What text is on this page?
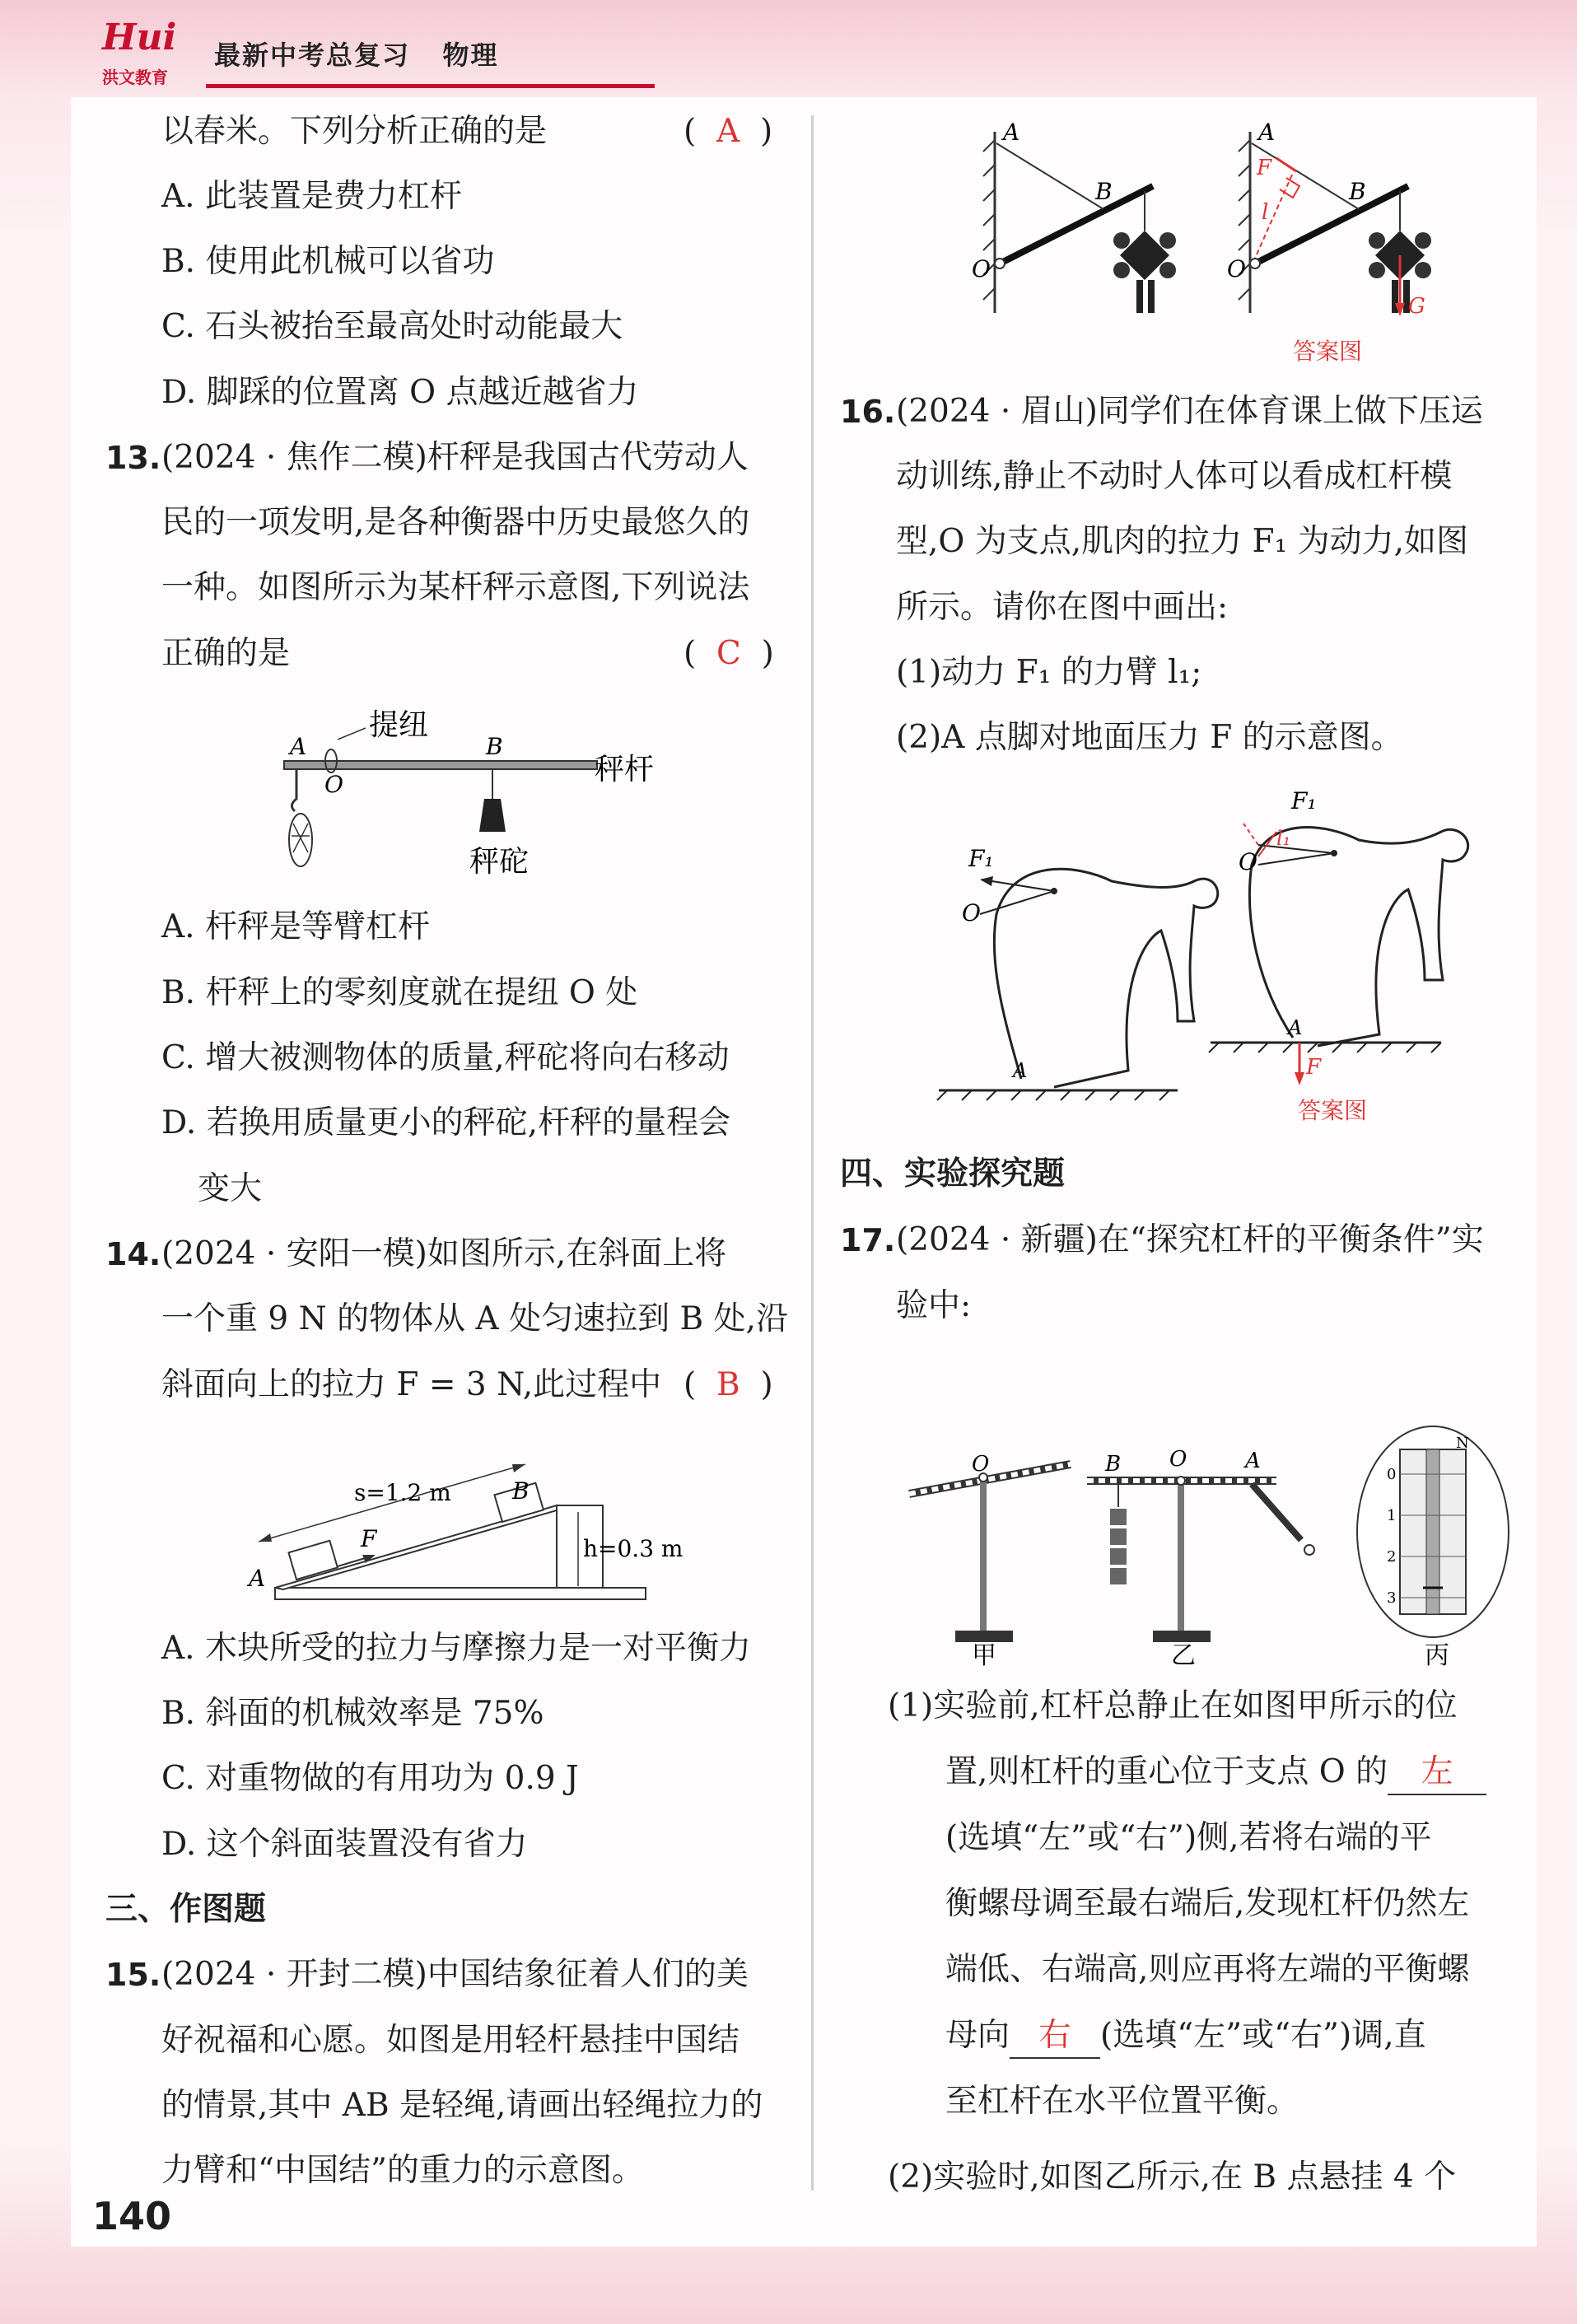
Hui
洪文教育
最新中考总复习 物理
以春米。下列分析正确的是	(  A  )
A. 此装置是费力杠杆
B. 使用此机械可以省功
C. 石头被抬至最高处时动能最大
D. 脚踩的位置离 O 点越近越省力
13. (2024 · 焦作二模)杆秤是我国古代劳动人
民的一项发明,是各种衡器中历史最悠久的
一种。如图所示为某杆秤示意图,下列说法
正确的是	(  C  )
A
O
B
提纽
秤杆
秤砣
A. 杆秤是等臂杠杆
B. 杆秤上的零刻度就在提纽 O 处
C. 增大被测物体的质量,秤砣将向右移动
D. 若换用质量更小的秤砣,杆秤的量程会
变大
14. (2024 · 安阳一模)如图所示,在斜面上将
一个重 9 N 的物体从 A 处匀速拉到 B 处,沿
斜面向上的拉力 F = 3 N,此过程中 (  B  )
s=1.2 m
h=0.3 m
A
B
F
A. 木块所受的拉力与摩擦力是一对平衡力
B. 斜面的机械效率是 75%
C. 对重物做的有用功为 0.9 J
D. 这个斜面装置没有省力
三、作图题
15. (2024 · 开封二模)中国结象征着人们的美
好祝福和心愿。如图是用轻杆悬挂中国结
的情景,其中 AB 是轻绳,请画出轻绳拉力的
力臂和“中国结”的重力的示意图。
140
A
B
O
A
B
O
F
l
G
答案图
16. (2024 · 眉山)同学们在体育课上做下压运
动训练,静止不动时人体可以看成杠杆模
型,O 为支点,肌肉的拉力 F₁ 为动力,如图
所示。请你在图中画出:
(1)动力 F₁ 的力臂 l₁;
(2)A 点脚对地面压力 F 的示意图。
F₁
O
A
F₁
O
l₁
A
F
答案图
四、实验探究题
17. (2024 · 新疆)在“探究杠杆的平衡条件”实
验中:
O
甲
B O	A
乙
N
0
1
2
3
丙
(1)实验前,杠杆总静止在如图甲所示的位
置,则杠杆的重心位于支点 O 的 左
(选填“左”或“右”)侧,若将右端的平
衡螺母调至最右端后,发现杠杆仍然左
端低、右端高,则应再将左端的平衡螺
母向 右 (选填“左”或“右”)调,直
至杠杆在水平位置平衡。
(2)实验时,如图乙所示,在 B 点悬挂 4 个
